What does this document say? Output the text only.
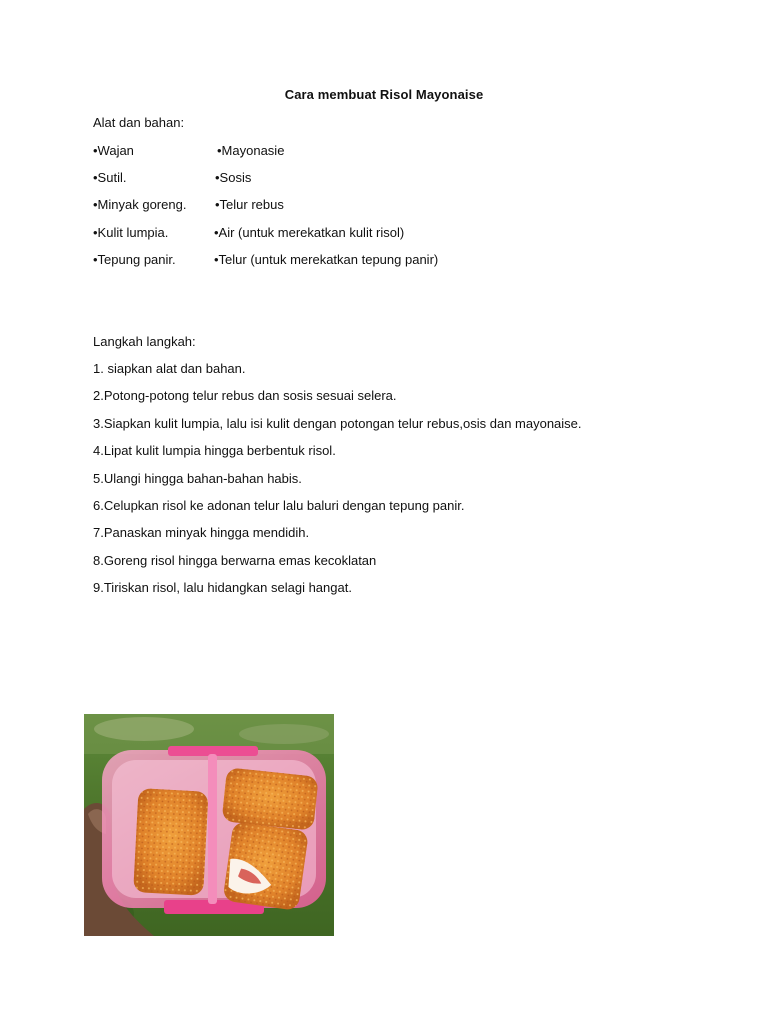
Cara membuat Risol Mayonaise
Alat dan bahan:
•Wajan
•Sutil.
•Minyak goreng.
•Kulit lumpia.
•Tepung panir.
•Mayonasie
•Sosis
•Telur rebus
•Air (untuk merekatkan kulit risol)
•Telur (untuk merekatkan tepung panir)
Langkah langkah:
1. siapkan alat dan bahan.
2.Potong-potong telur rebus dan sosis sesuai selera.
3.Siapkan kulit lumpia, lalu isi kulit dengan potongan telur rebus,osis dan mayonaise.
4.Lipat kulit lumpia hingga berbentuk risol.
5.Ulangi hingga bahan-bahan habis.
6.Celupkan risol ke adonan telur lalu baluri dengan tepung panir.
7.Panaskan minyak hingga mendidih.
8.Goreng risol hingga berwarna emas kecoklatan
9.Tiriskan risol, lalu hidangkan selagi hangat.
